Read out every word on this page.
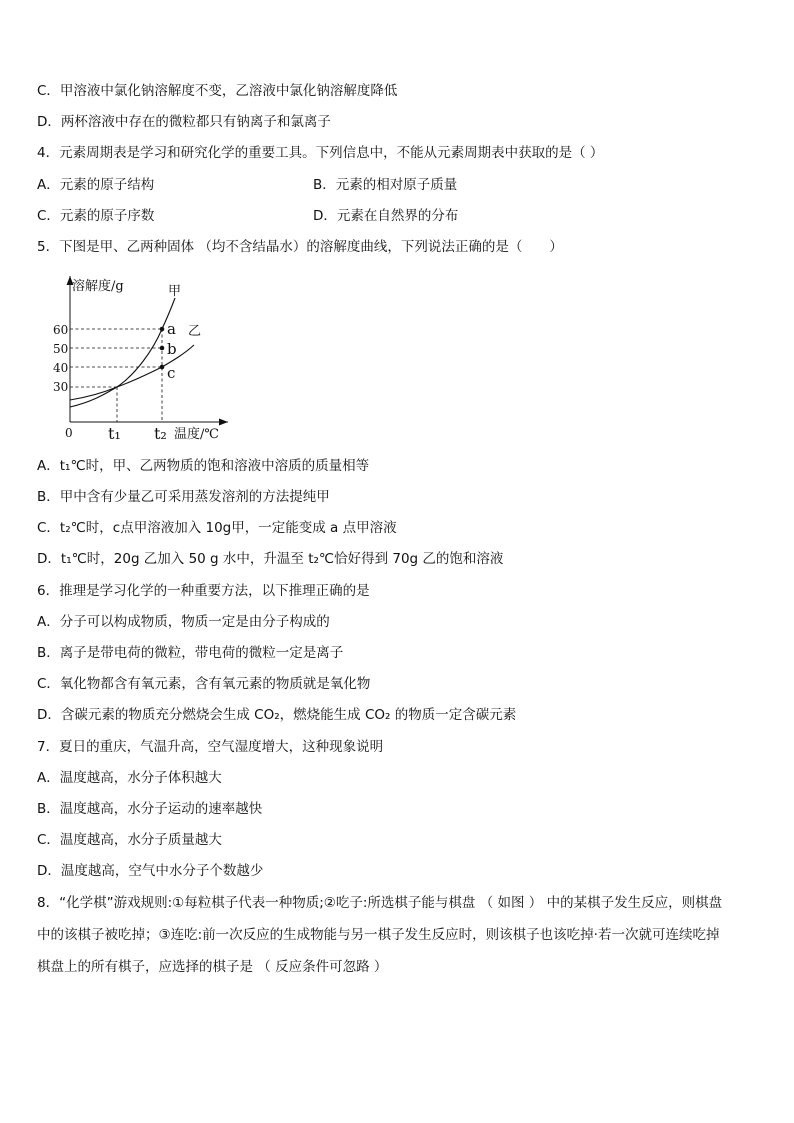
C．甲溶液中氯化钠溶解度不变，乙溶液中氯化钠溶解度降低
D．两杯溶液中存在的微粒都只有钠离子和氯离子
4．元素周期表是学习和研究化学的重要工具。下列信息中，不能从元素周期表中获取的是（ ）
A．元素的原子结构	B．元素的相对原子质量
C．元素的原子序数	D．元素在自然界的分布
5．下图是甲、乙两种固体 （均不含结晶水）的溶解度曲线，下列说法正确的是（　　）
溶解度/g	甲
乙
a
b
c
60
50
40
30
0 t₁ t₂ 温度/℃
A．t₁℃时，甲、乙两物质的饱和溶液中溶质的质量相等
B．甲中含有少量乙可采用蒸发溶剂的方法提纯甲
C．t₂℃时，c点甲溶液加入 10g甲，一定能变成 a 点甲溶液
D．t₁℃时，20g 乙加入 50 g 水中，升温至 t₂℃恰好得到 70g 乙的饱和溶液
6．推理是学习化学的一种重要方法，以下推理正确的是
A．分子可以构成物质，物质一定是由分子构成的
B．离子是带电荷的微粒，带电荷的微粒一定是离子
C．氧化物都含有氧元素，含有氧元素的物质就是氧化物
D．含碳元素的物质充分燃烧会生成 CO₂，燃烧能生成 CO₂ 的物质一定含碳元素
7．夏日的重庆，气温升高，空气湿度增大，这种现象说明
A．温度越高，水分子体积越大
B．温度越高，水分子运动的速率越快
C．温度越高，水分子质量越大
D．温度越高，空气中水分子个数越少
8．“化学棋”游戏规则:①每粒棋子代表一种物质;②吃子:所选棋子能与棋盘 （ 如图 ） 中的某棋子发生反应，则棋盘
中的该棋子被吃掉；③连吃:前一次反应的生成物能与另一棋子发生反应时，则该棋子也该吃掉·若一次就可连续吃掉
棋盘上的所有棋子，应选择的棋子是 （ 反应条件可忽路 ）
